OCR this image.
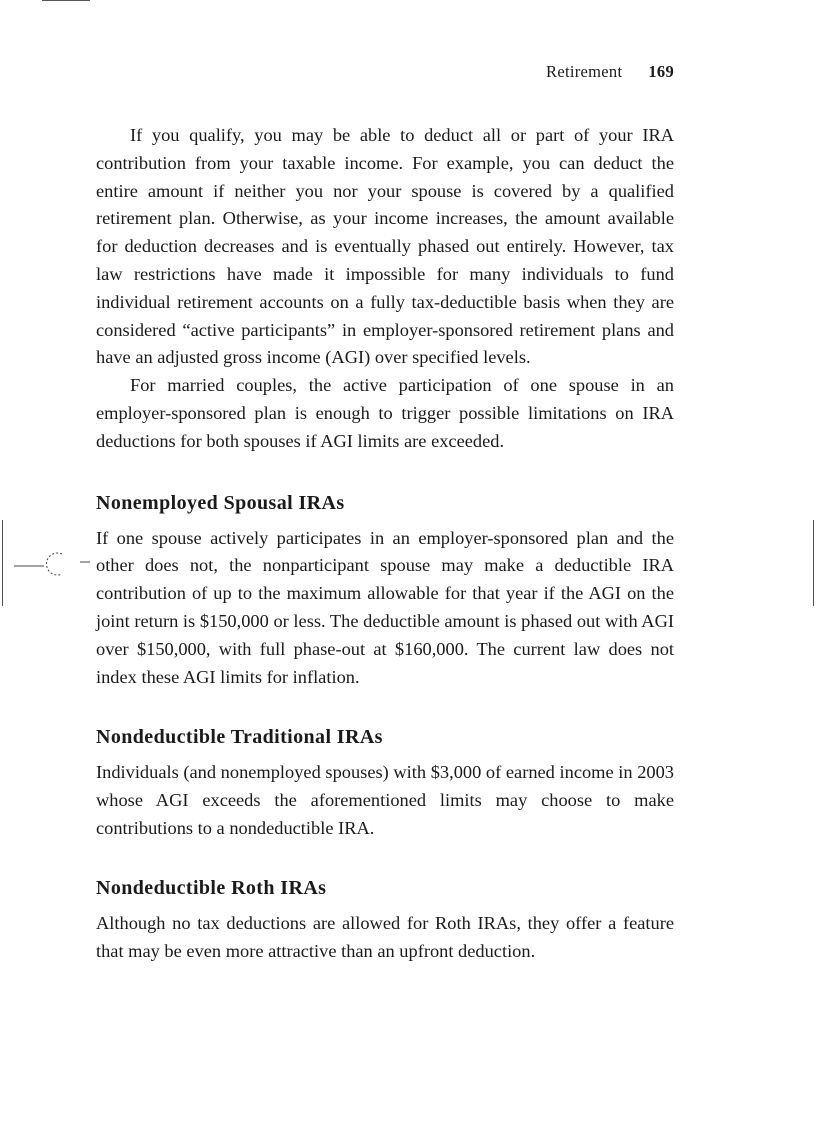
Retirement 169

If you qualify, you may be able to deduct all or part of your IRA contribution from your taxable income. For example, you can deduct the entire amount if neither you nor your spouse is covered by a qualified retirement plan. Otherwise, as your income increases, the amount available for deduction decreases and is eventually phased out entirely. However, tax law restrictions have made it impossible for many individuals to fund individual retirement accounts on a fully tax-deductible basis when they are considered “active participants” in employer-sponsored retirement plans and have an adjusted gross income (AGI) over specified levels.

For married couples, the active participation of one spouse in an employer-sponsored plan is enough to trigger possible limitations on IRA deductions for both spouses if AGI limits are exceeded.

Nonemployed Spousal IRAs

If one spouse actively participates in an employer-sponsored plan and the other does not, the nonparticipant spouse may make a deductible IRA contribution of up to the maximum allowable for that year if the AGI on the joint return is $150,000 or less. The deductible amount is phased out with AGI over $150,000, with full phase-out at $160,000. The current law does not index these AGI limits for inflation.

Nondeductible Traditional IRAs

Individuals (and nonemployed spouses) with $3,000 of earned income in 2003 whose AGI exceeds the aforementioned limits may choose to make contributions to a nondeductible IRA.

Nondeductible Roth IRAs

Although no tax deductions are allowed for Roth IRAs, they offer a feature that may be even more attractive than an upfront deduction.
